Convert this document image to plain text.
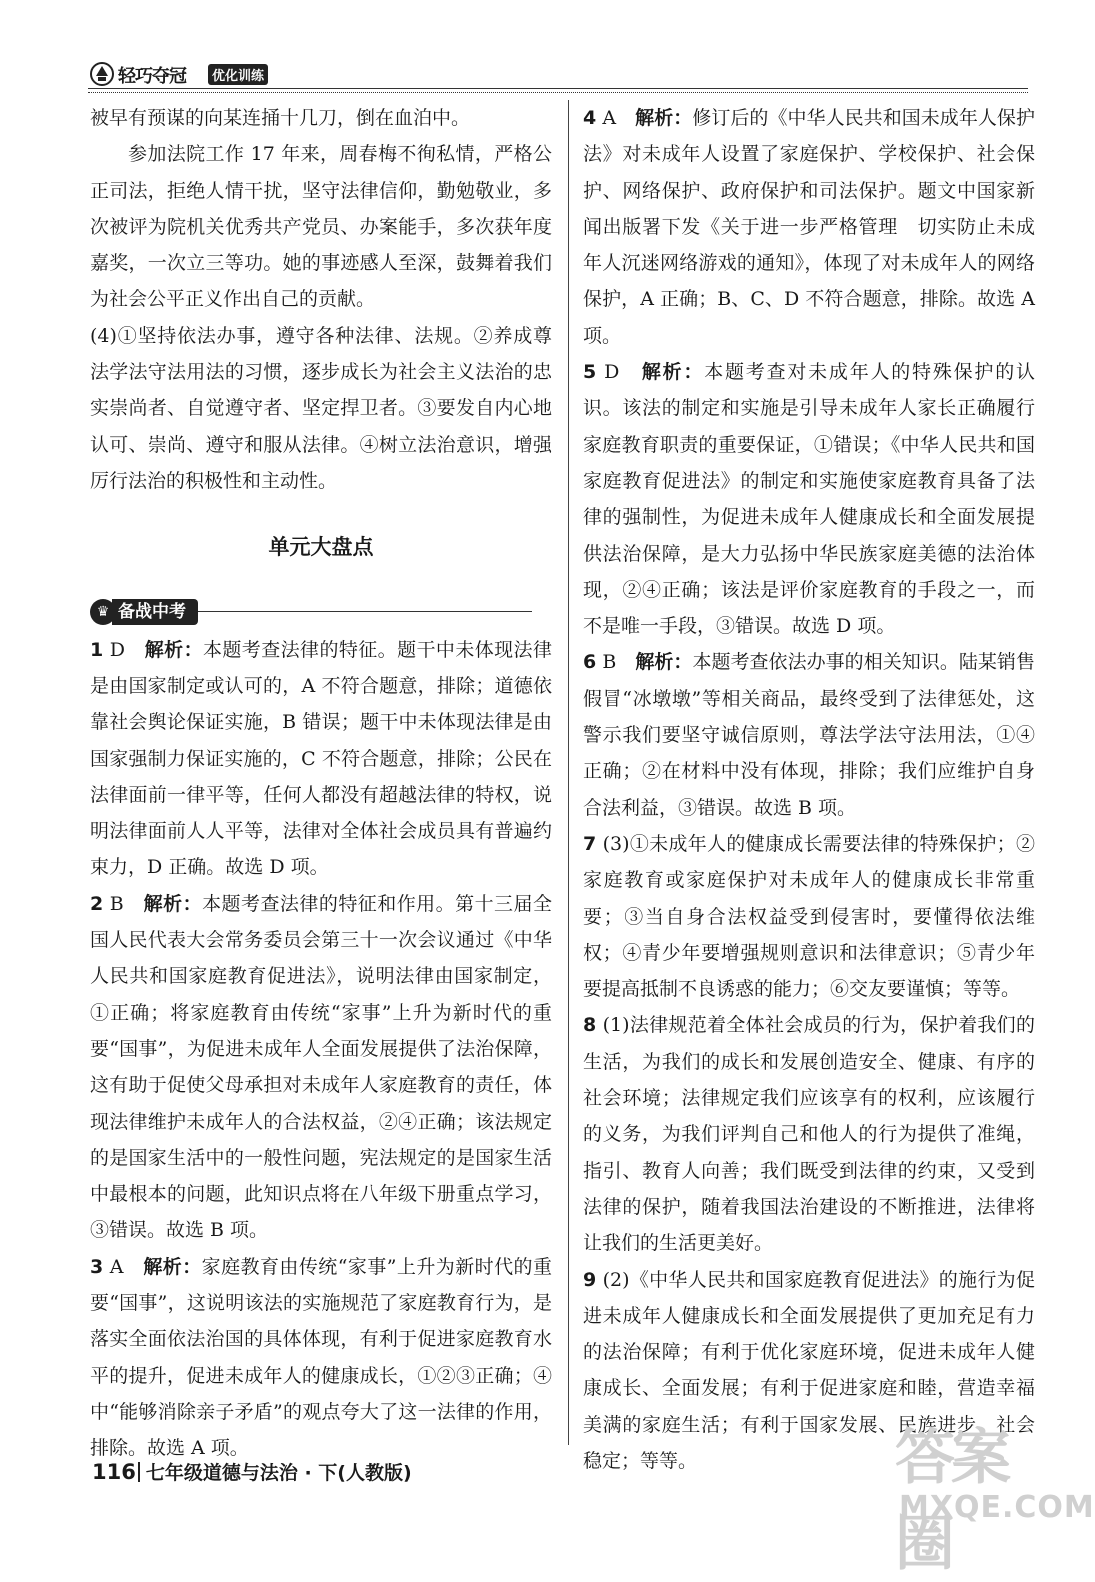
轻巧夺冠	优化训练

被早有预谋的向某连捅十几刀，倒在血泊中。

参加法院工作 17 年来，周春梅不徇私情，严格公正司法，拒绝人情干扰，坚守法律信仰，勤勉敬业，多次被评为院机关优秀共产党员、办案能手，多次获年度嘉奖，一次立三等功。她的事迹感人至深，鼓舞着我们为社会公平正义作出自己的贡献。

(4)①坚持依法办事，遵守各种法律、法规。②养成尊法学法守法用法的习惯，逐步成长为社会主义法治的忠实崇尚者、自觉遵守者、坚定捍卫者。③要发自内心地认可、崇尚、遵守和服从法律。④树立法治意识，增强厉行法治的积极性和主动性。

单元大盘点

♛ 备战中考

1 D　 解析：本题考查法律的特征。题干中未体现法律是由国家制定或认可的，A 不符合题意，排除；道德依靠社会舆论保证实施，B 错误；题干中未体现法律是由国家强制力保证实施的，C 不符合题意，排除；公民在法律面前一律平等，任何人都没有超越法律的特权，说明法律面前人人平等，法律对全体社会成员具有普遍约束力，D 正确。故选 D 项。

2 B　 解析：本题考查法律的特征和作用。第十三届全国人民代表大会常务委员会第三十一次会议通过《中华人民共和国家庭教育促进法》，说明法律由国家制定，①正确；将家庭教育由传统“家事”上升为新时代的重要“国事”，为促进未成年人全面发展提供了法治保障，这有助于促使父母承担对未成年人家庭教育的责任，体现法律维护未成年人的合法权益，②④正确；该法规定的是国家生活中的一般性问题，宪法规定的是国家生活中最根本的问题，此知识点将在八年级下册重点学习，③错误。故选 B 项。

3 A　 解析：家庭教育由传统“家事”上升为新时代的重要“国事”，这说明该法的实施规范了家庭教育行为，是落实全面依法治国的具体体现，有利于促进家庭教育水平的提升，促进未成年人的健康成长，①②③正确；④中“能够消除亲子矛盾”的观点夸大了这一法律的作用，排除。故选 A 项。

4 A　 解析：修订后的《中华人民共和国未成年人保护法》对未成年人设置了家庭保护、学校保护、社会保护、网络保护、政府保护和司法保护。题文中国家新闻出版署下发《关于进一步严格管理　切实防止未成年人沉迷网络游戏的通知》，体现了对未成年人的网络保护，A 正确；B、C、D 不符合题意，排除。故选 A 项。

5 D　 解析：本题考查对未成年人的特殊保护的认识。该法的制定和实施是引导未成年人家长正确履行家庭教育职责的重要保证，①错误；《中华人民共和国家庭教育促进法》的制定和实施使家庭教育具备了法律的强制性，为促进未成年人健康成长和全面发展提供法治保障，是大力弘扬中华民族家庭美德的法治体现，②④正确；该法是评价家庭教育的手段之一，而不是唯一手段，③错误。故选 D 项。

6 B　 解析：本题考查依法办事的相关知识。陆某销售假冒“冰墩墩”等相关商品，最终受到了法律惩处，这警示我们要坚守诚信原则，尊法学法守法用法，①④正确；②在材料中没有体现，排除；我们应维护自身合法利益，③错误。故选 B 项。

7 (3)①未成年人的健康成长需要法律的特殊保护；②家庭教育或家庭保护对未成年人的健康成长非常重要；③当自身合法权益受到侵害时，要懂得依法维权；④青少年要增强规则意识和法律意识；⑤青少年要提高抵制不良诱惑的能力；⑥交友要谨慎；等等。

8 (1)法律规范着全体社会成员的行为，保护着我们的生活，为我们的成长和发展创造安全、健康、有序的社会环境；法律规定我们应该享有的权利，应该履行的义务，为我们评判自己和他人的行为提供了准绳，指引、教育人向善；我们既受到法律的约束，又受到法律的保护，随着我国法治建设的不断推进，法律将让我们的生活更美好。

9 (2)《中华人民共和国家庭教育促进法》的施行为促进未成年人健康成长和全面发展提供了更加充足有力的法治保障；有利于优化家庭环境，促进未成年人健康成长、全面发展；有利于促进家庭和睦，营造幸福美满的家庭生活；有利于国家发展、民族进步、社会稳定；等等。

116 七年级道德与法治 · 下(人教版)	答案圈
MXQE.COM
